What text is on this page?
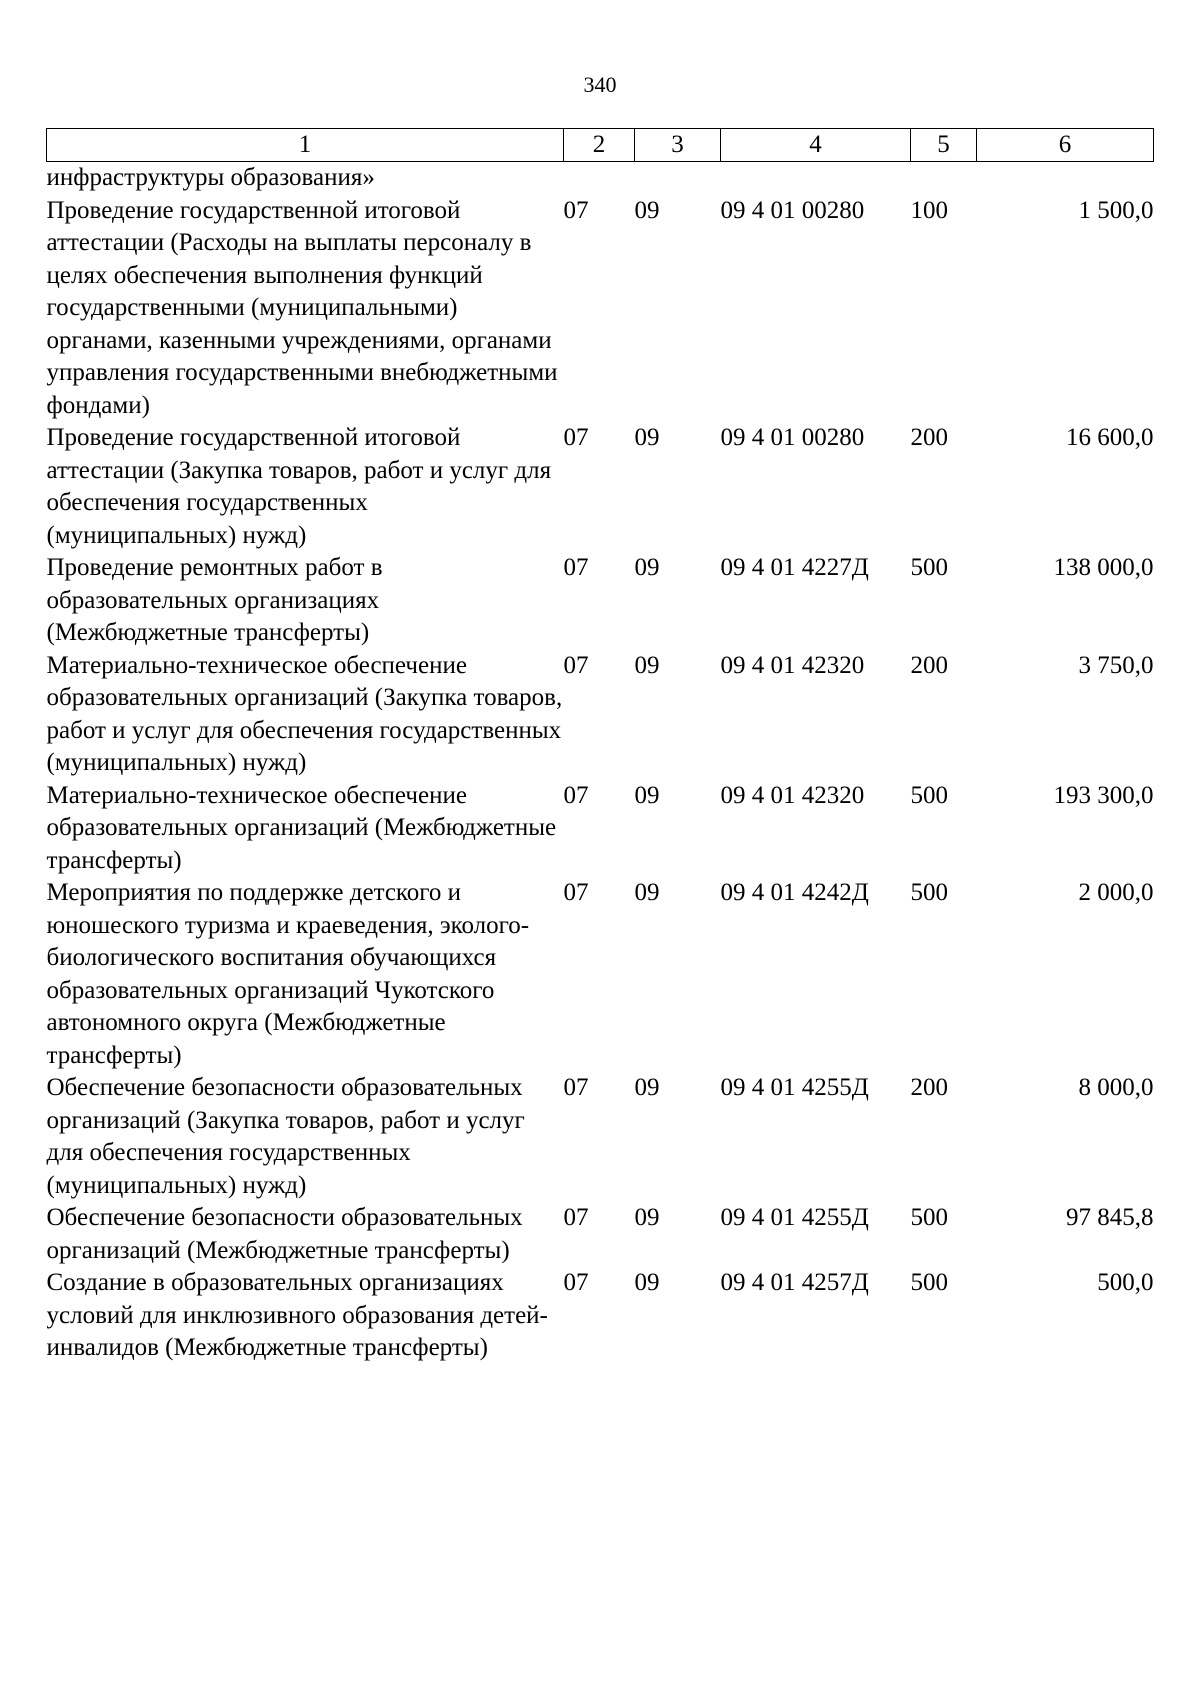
340
1	2	3	4	5	6
инфраструктуры образования»					
Проведение государственной итоговой аттестации (Расходы на выплаты персоналу в целях обеспечения выполнения функций государственными (муниципальными) органами, казенными учреждениями, органами управления государственными внебюджетными фондами)	07	09	09 4 01 00280	100	1 500,0
Проведение государственной итоговой аттестации (Закупка товаров, работ и услуг для обеспечения государственных (муниципальных) нужд)	07	09	09 4 01 00280	200	16 600,0
Проведение ремонтных работ в образовательных организациях (Межбюджетные трансферты)	07	09	09 4 01 4227Д	500	138 000,0
Материально-техническое обеспечение образовательных организаций (Закупка товаров, работ и услуг для обеспечения государственных (муниципальных) нужд)	07	09	09 4 01 42320	200	3 750,0
Материально-техническое обеспечение образовательных организаций (Межбюджетные трансферты)	07	09	09 4 01 42320	500	193 300,0
Мероприятия по поддержке детского и юношеского туризма и краеведения, эколого-биологического воспитания обучающихся образовательных организаций Чукотского автономного округа (Межбюджетные трансферты)	07	09	09 4 01 4242Д	500	2 000,0
Обеспечение безопасности образовательных организаций (Закупка товаров, работ и услуг для обеспечения государственных (муниципальных) нужд)	07	09	09 4 01 4255Д	200	8 000,0
Обеспечение безопасности образовательных организаций (Межбюджетные трансферты)	07	09	09 4 01 4255Д	500	97 845,8
Создание в образовательных организациях условий для инклюзивного образования детей-инвалидов (Межбюджетные трансферты)	07	09	09 4 01 4257Д	500	500,0
